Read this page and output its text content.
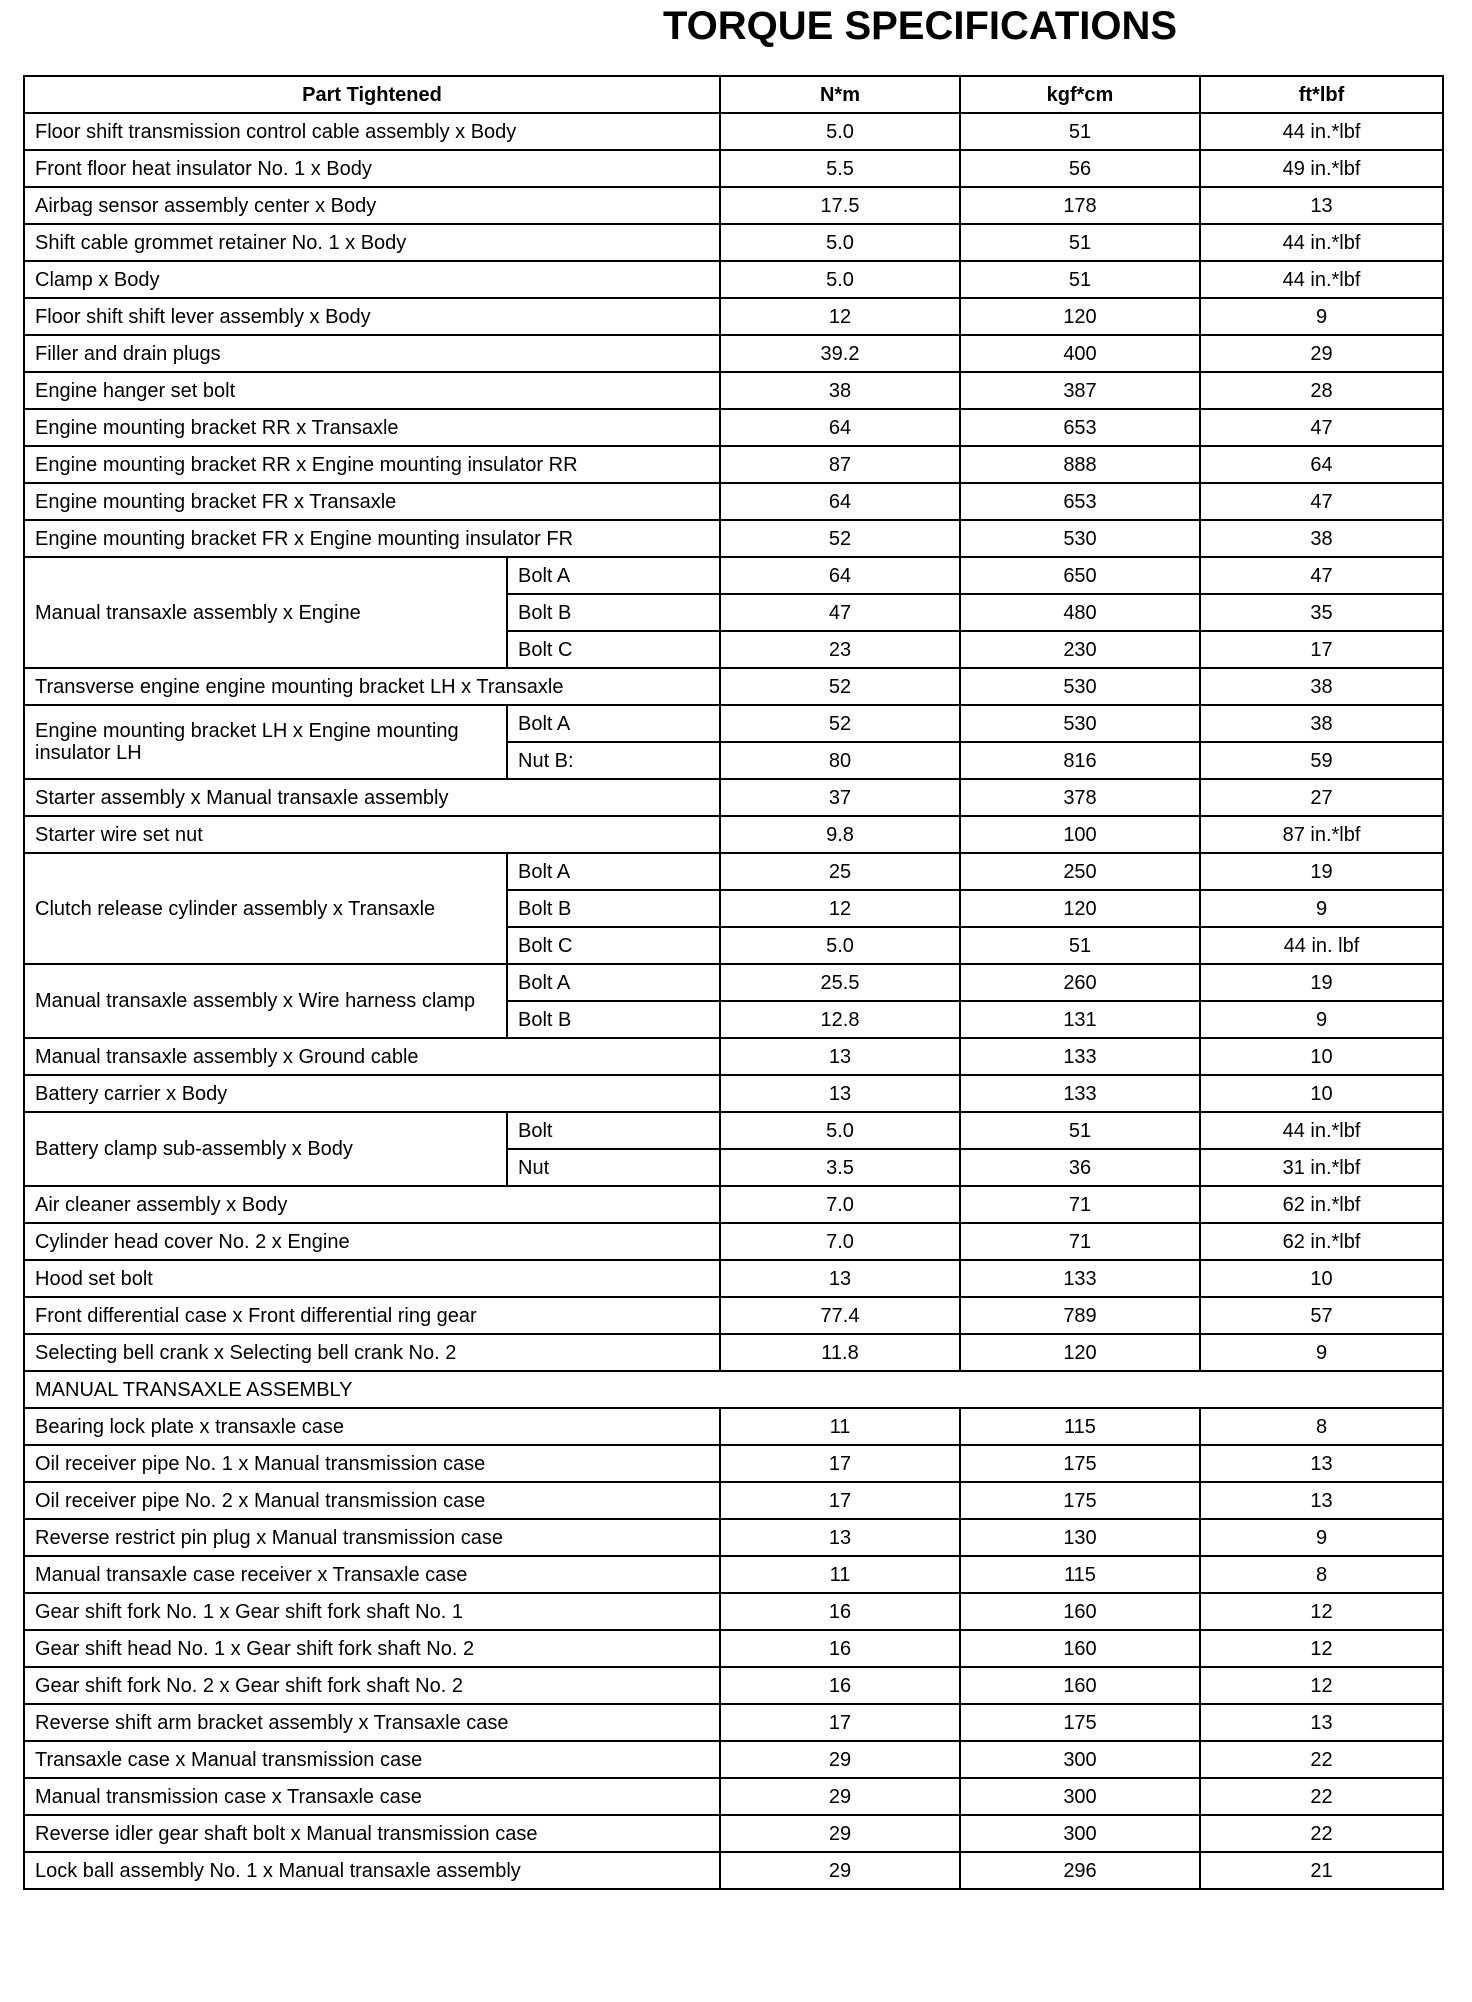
TORQUE SPECIFICATIONS
Part Tightened		N*m	kgf*cm	ft*lbf
Floor shift transmission control cable assembly x Body		5.0	51	44 in.*lbf
Front floor heat insulator No. 1 x Body		5.5	56	49 in.*lbf
Airbag sensor assembly center x Body		17.5	178	13
Shift cable grommet retainer No. 1 x Body		5.0	51	44 in.*lbf
Clamp x Body		5.0	51	44 in.*lbf
Floor shift shift lever assembly x Body		12	120	9
Filler and drain plugs		39.2	400	29
Engine hanger set bolt		38	387	28
Engine mounting bracket RR x Transaxle		64	653	47
Engine mounting bracket RR x Engine mounting insulator RR		87	888	64
Engine mounting bracket FR x Transaxle		64	653	47
Engine mounting bracket FR x Engine mounting insulator FR		52	530	38
Manual transaxle assembly x Engine	Bolt A	64	650	47
	Bolt B	47	480	35
	Bolt C	23	230	17
Transverse engine engine mounting bracket LH x Transaxle		52	530	38
Engine mounting bracket LH x Engine mounting insulator LH	Bolt A	52	530	38
	Nut B:	80	816	59
Starter assembly x Manual transaxle assembly		37	378	27
Starter wire set nut		9.8	100	87 in.*lbf
Clutch release cylinder assembly x Transaxle	Bolt A	25	250	19
	Bolt B	12	120	9
	Bolt C	5.0	51	44 in. lbf
Manual transaxle assembly x Wire harness clamp	Bolt A	25.5	260	19
	Bolt B	12.8	131	9
Manual transaxle assembly x Ground cable		13	133	10
Battery carrier x Body		13	133	10
Battery clamp sub-assembly x Body	Bolt	5.0	51	44 in.*lbf
	Nut	3.5	36	31 in.*lbf
Air cleaner assembly x Body		7.0	71	62 in.*lbf
Cylinder head cover No. 2 x Engine		7.0	71	62 in.*lbf
Hood set bolt		13	133	10
Front differential case x Front differential ring gear		77.4	789	57
Selecting bell crank x Selecting bell crank No. 2		11.8	120	9
MANUAL TRANSAXLE ASSEMBLY				
Bearing lock plate x transaxle case		11	115	8
Oil receiver pipe No. 1 x Manual transmission case		17	175	13
Oil receiver pipe No. 2 x Manual transmission case		17	175	13
Reverse restrict pin plug x Manual transmission case		13	130	9
Manual transaxle case receiver x Transaxle case		11	115	8
Gear shift fork No. 1 x Gear shift fork shaft No. 1		16	160	12
Gear shift head No. 1 x Gear shift fork shaft No. 2		16	160	12
Gear shift fork No. 2 x Gear shift fork shaft No. 2		16	160	12
Reverse shift arm bracket assembly x Transaxle case		17	175	13
Transaxle case x Manual transmission case		29	300	22
Manual transmission case x Transaxle case		29	300	22
Reverse idler gear shaft bolt x Manual transmission case		29	300	22
Lock ball assembly No. 1 x Manual transaxle assembly		29	296	21
